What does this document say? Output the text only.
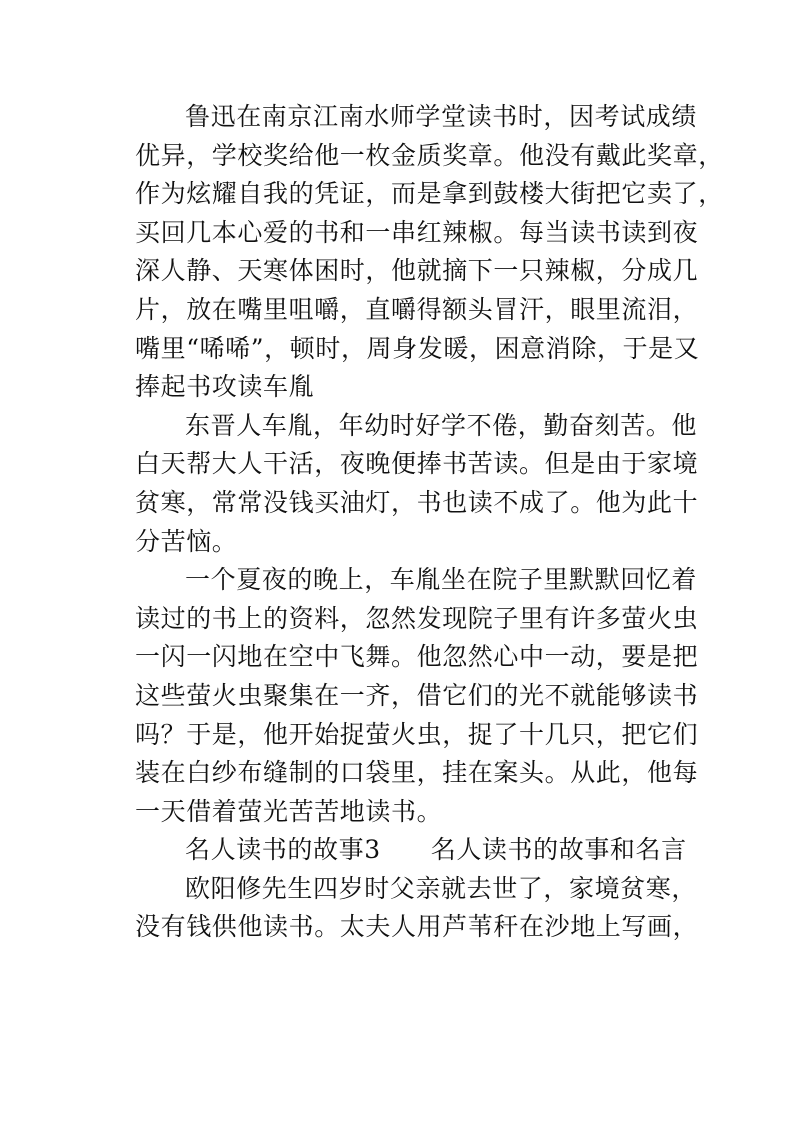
鲁迅在南京江南水师学堂读书时，因考试成绩
优异，学校奖给他一枚金质奖章。他没有戴此奖章，
作为炫耀自我的凭证，而是拿到鼓楼大街把它卖了，
买回几本心爱的书和一串红辣椒。每当读书读到夜
深人静、天寒体困时，他就摘下一只辣椒，分成几
片，放在嘴里咀嚼，直嚼得额头冒汗，眼里流泪，
嘴里“唏唏”，顿时，周身发暖，困意消除，于是又
捧起书攻读车胤
东晋人车胤，年幼时好学不倦，勤奋刻苦。他
白天帮大人干活，夜晚便捧书苦读。但是由于家境
贫寒，常常没钱买油灯，书也读不成了。他为此十
分苦恼。
一个夏夜的晚上，车胤坐在院子里默默回忆着
读过的书上的资料，忽然发现院子里有许多萤火虫
一闪一闪地在空中飞舞。他忽然心中一动，要是把
这些萤火虫聚集在一齐，借它们的光不就能够读书
吗？于是，他开始捉萤火虫，捉了十几只，把它们
装在白纱布缝制的口袋里，挂在案头。从此，他每
一天借着萤光苦苦地读书。
名人读书的故事3 名人读书的故事和名言
欧阳修先生四岁时父亲就去世了，家境贫寒，
没有钱供他读书。太夫人用芦苇秆在沙地上写画，
